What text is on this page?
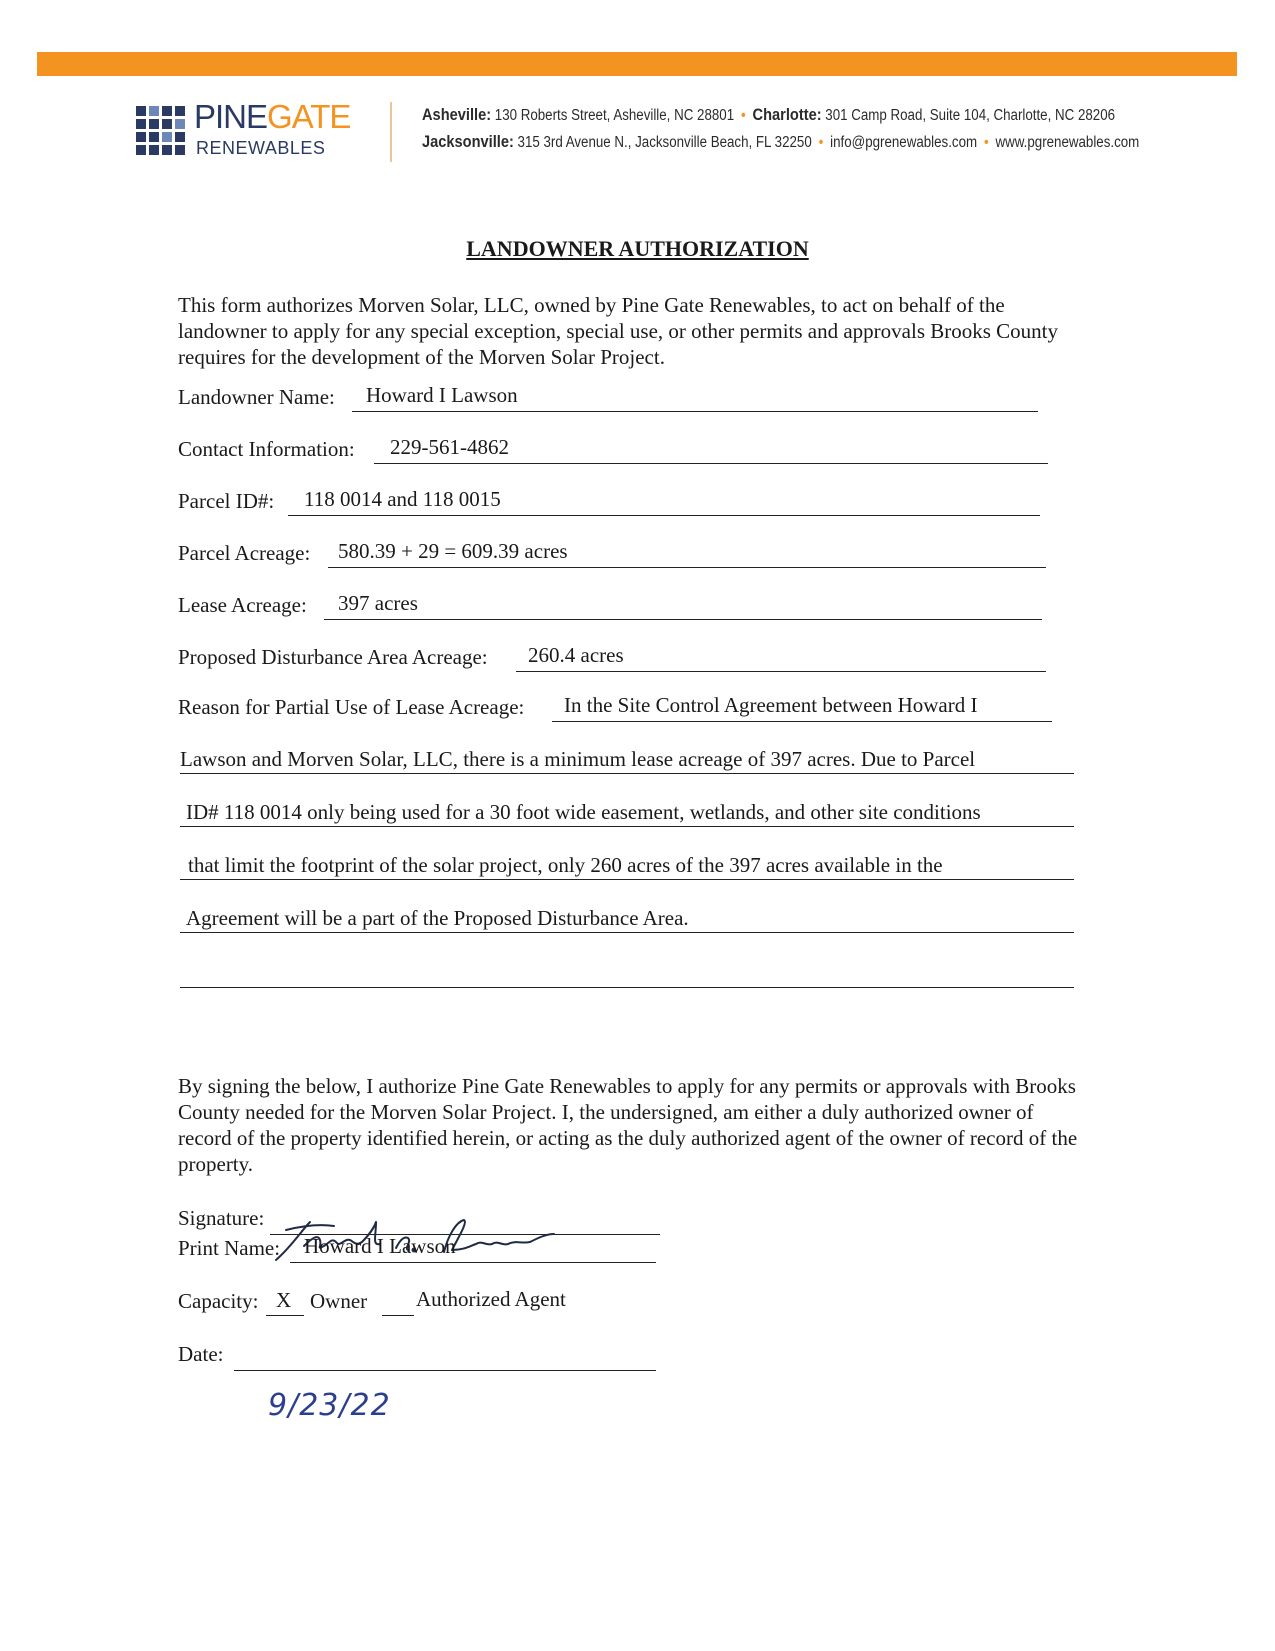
PINEGATE
RENEWABLES
Asheville: 130 Roberts Street, Asheville, NC 28801 • Charlotte: 301 Camp Road, Suite 104, Charlotte, NC 28206
Jacksonville: 315 3rd Avenue N., Jacksonville Beach, FL 32250 • info@pgrenewables.com • www.pgrenewables.com
LANDOWNER AUTHORIZATION
This form authorizes Morven Solar, LLC, owned by Pine Gate Renewables, to act on behalf of the landowner to apply for any special exception, special use, or other permits and approvals Brooks County requires for the development of the Morven Solar Project.
Landowner Name: Howard I Lawson
Contact Information: 229-561-4862
Parcel ID#: 118 0014 and 118 0015
Parcel Acreage: 580.39 + 29 = 609.39 acres
Lease Acreage: 397 acres
Proposed Disturbance Area Acreage: 260.4 acres
Reason for Partial Use of Lease Acreage: In the Site Control Agreement between Howard I
Lawson and Morven Solar, LLC, there is a minimum lease acreage of 397 acres. Due to Parcel
ID# 118 0014 only being used for a 30 foot wide easement, wetlands, and other site conditions
that limit the footprint of the solar project, only 260 acres of the 397 acres available in the
Agreement will be a part of the Proposed Disturbance Area.
By signing the below, I authorize Pine Gate Renewables to apply for any permits or approvals with Brooks County needed for the Morven Solar Project. I, the undersigned, am either a duly authorized owner of record of the property identified herein, or acting as the duly authorized agent of the owner of record of the property.
Signature:
Print Name: Howard I Lawson
Capacity: X Owner Authorized Agent
Date:
9/23/22
